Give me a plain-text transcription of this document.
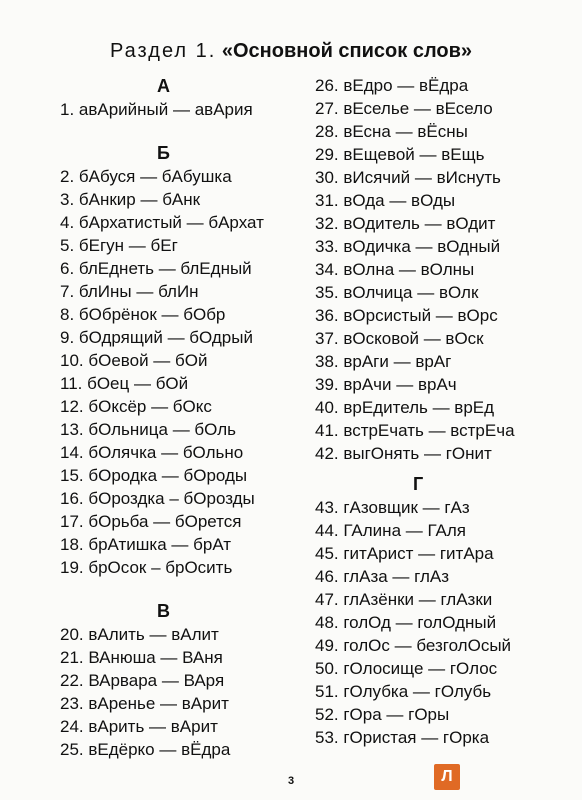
Раздел 1. «Основной список слов»
А
1. авАрийный — авАрия
Б
2. бАбуся — бАбушка
3. бАнкир — бАнк
4. бАрхатистый — бАрхат
5. бЕгун — бЕг
6. блЕднеть — блЕдный
7. блИны — блИн
8. бОбрёнок — бОбр
9. бОдрящий — бОдрый
10. бОевой — бОй
11. бОец — бОй
12. бОксёр — бОкс
13. бОльница — бОль
14. бОлячка — бОльно
15. бОродка — бОроды
16. бОроздка – бОрозды
17. бОрьба — бОрется
18. брАтишка — брАт
19. брОсок – брОсить
В
20. вАлить — вАлит
21. ВАнюша — ВАня
22. ВАрвара — ВАря
23. вАренье — вАрит
24. вАрить — вАрит
25. вЕдёрко — вЁдра
26. вЕдро — вЁдра
27. вЕселье — вЕсело
28. вЕсна — вЁсны
29. вЕщевой — вЕщь
30. вИсячий — вИснуть
31. вОда — вОды
32. вОдитель — вОдит
33. вОдичка — вОдный
34. вОлна — вОлны
35. вОлчица — вОлк
36. вОрсистый — вОрс
37. вОсковой — вОск
38. врАги — врАг
39. врАчи — врАч
40. врЕдитель — врЕд
41. встрЕчать — встрЕча
42. выгОнять — гОнит
Г
43. гАзовщик — гАз
44. ГАлина — ГАля
45. гитАрист — гитАра
46. глАза — глАз
47. глАзёнки — глАзки
48. голОд — голОдный
49. голОс — безголОсый
50. гОлосище — гОлос
51. гОлубка — гОлубь
52. гОра — гОры
53. гОристая — гОрка
3	Л
